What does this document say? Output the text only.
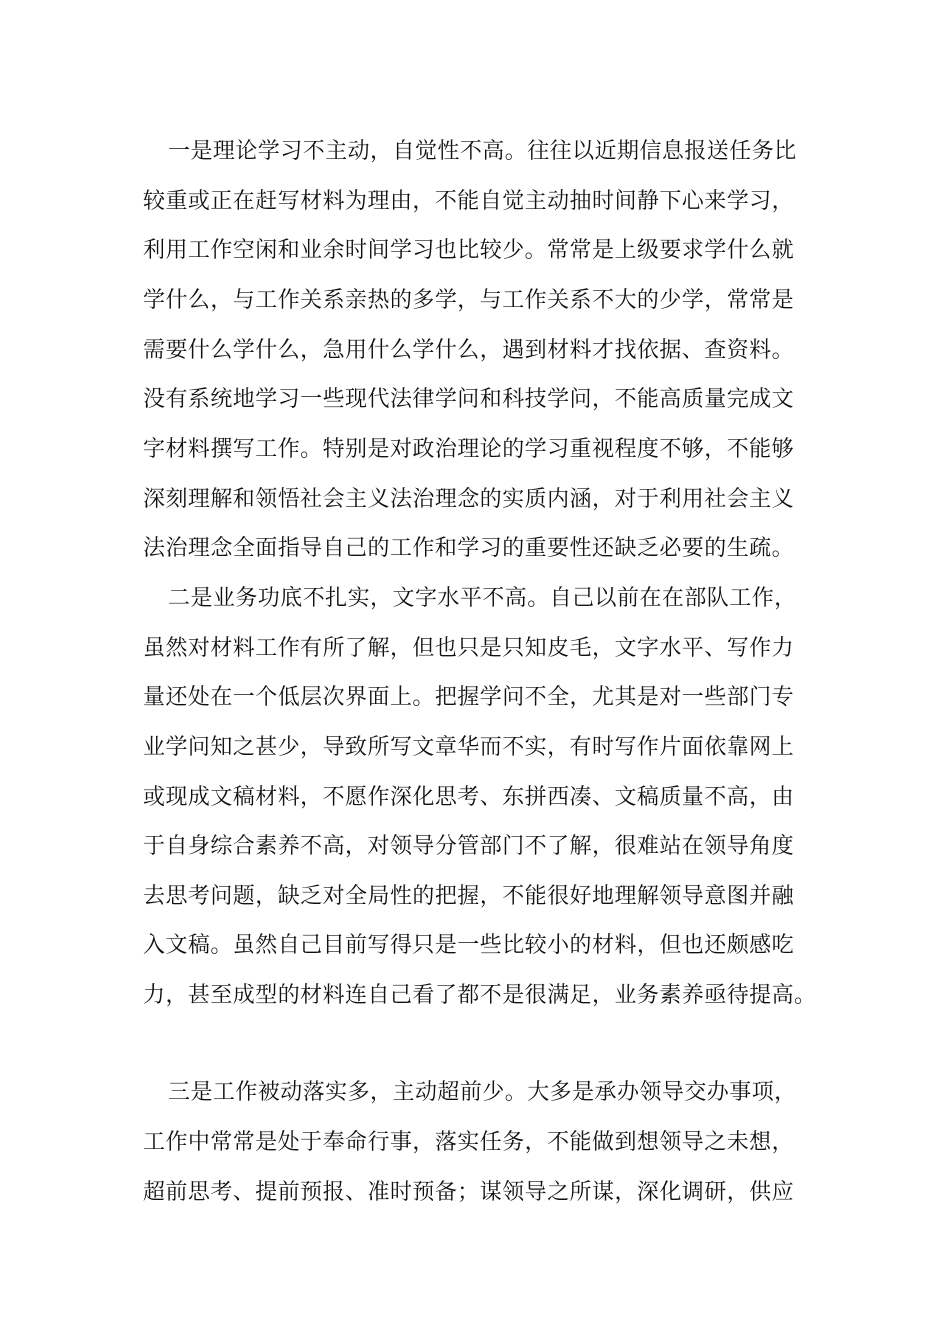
一是理论学习不主动，自觉性不高。往往以近期信息报送任务比
较重或正在赶写材料为理由，不能自觉主动抽时间静下心来学习，
利用工作空闲和业余时间学习也比较少。常常是上级要求学什么就
学什么，与工作关系亲热的多学，与工作关系不大的少学，常常是
需要什么学什么，急用什么学什么，遇到材料才找依据、查资料。
没有系统地学习一些现代法律学问和科技学问，不能高质量完成文
字材料撰写工作。特别是对政治理论的学习重视程度不够，不能够
深刻理解和领悟社会主义法治理念的实质内涵，对于利用社会主义
法治理念全面指导自己的工作和学习的重要性还缺乏必要的生疏。
二是业务功底不扎实，文字水平不高。自己以前在在部队工作，
虽然对材料工作有所了解，但也只是只知皮毛，文字水平、写作力
量还处在一个低层次界面上。把握学问不全，尤其是对一些部门专
业学问知之甚少，导致所写文章华而不实，有时写作片面依靠网上
或现成文稿材料，不愿作深化思考、东拼西凑、文稿质量不高，由
于自身综合素养不高，对领导分管部门不了解，很难站在领导角度
去思考问题，缺乏对全局性的把握，不能很好地理解领导意图并融
入文稿。虽然自己目前写得只是一些比较小的材料，但也还颇感吃
力，甚至成型的材料连自己看了都不是很满足，业务素养亟待提高。
三是工作被动落实多，主动超前少。大多是承办领导交办事项，
工作中常常是处于奉命行事，落实任务，不能做到想领导之未想，
超前思考、提前预报、准时预备；谋领导之所谋，深化调研，供应
